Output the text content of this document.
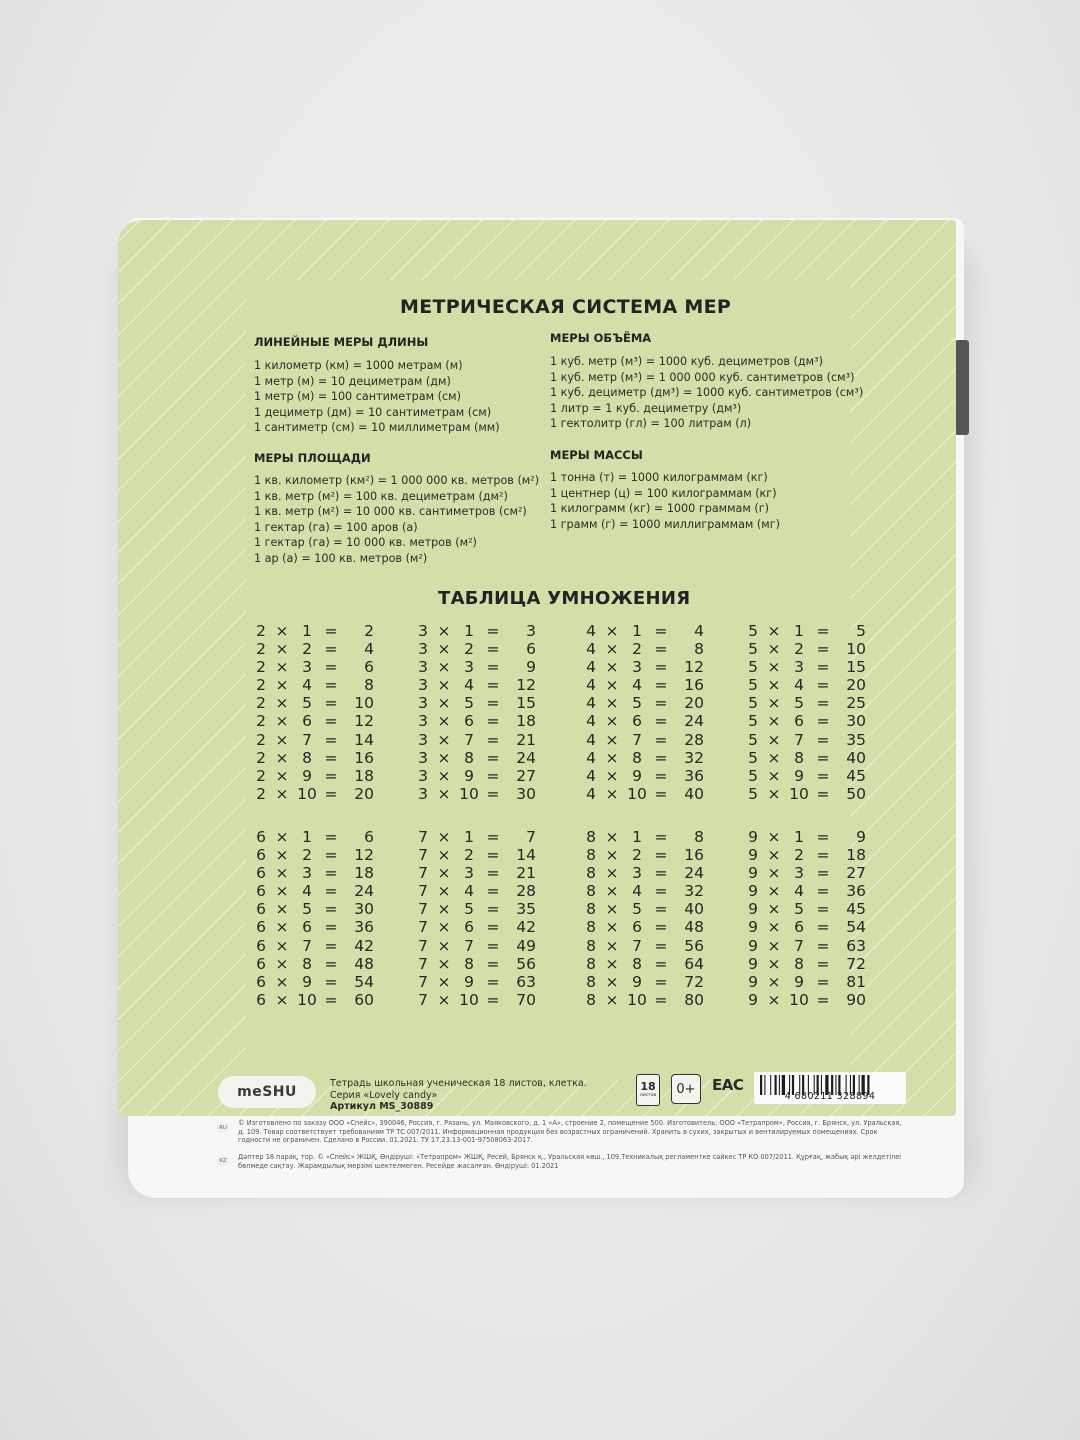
МЕТРИЧЕСКАЯ СИСТЕМА МЕР
ЛИНЕЙНЫЕ МЕРЫ ДЛИНЫ
1 километр (км) = 1000 метрам (м)
1 метр (м) = 10 дециметрам (дм)
1 метр (м) = 100 сантиметрам (см)
1 дециметр (дм) = 10 сантиметрам (см)
1 сантиметр (см) = 10 миллиметрам (мм)
МЕРЫ ОБЪЁМА
1 куб. метр (м³) = 1000 куб. дециметров (дм³)
1 куб. метр (м³) = 1 000 000 куб. сантиметров (см³)
1 куб. дециметр (дм³) = 1000 куб. сантиметров (см³)
1 литр = 1 куб. дециметру (дм³)
1 гектолитр (гл) = 100 литрам (л)
МЕРЫ ПЛОЩАДИ
1 кв. километр (км²) = 1 000 000 кв. метров (м²)
1 кв. метр (м²) = 100 кв. дециметрам (дм²)
1 кв. метр (м²) = 10 000 кв. сантиметров (см²)
1 гектар (га) = 100 аров (а)
1 гектар (га) = 10 000 кв. метров (м²)
1 ар (а) = 100 кв. метров (м²)
МЕРЫ МАССЫ
1 тонна (т) = 1000 килограммам (кг)
1 центнер (ц) = 100 килограммам (кг)
1 килограмм (кг) = 1000 граммам (г)
1 грамм (г) = 1000 миллиграммам (мг)
ТАБЛИЦА УМНОЖЕНИЯ
2 × 1 =	2
2 × 2 =	4
2 × 3 =	6
2 × 4 =	8
2 × 5 =	10
2 × 6 =	12
2 × 7 =	14
2 × 8 =	16
2 × 9 =	18
2 × 10 =	20
3 × 1 =	3
3 × 2 =	6
3 × 3 =	9
3 × 4 =	12
3 × 5 =	15
3 × 6 =	18
3 × 7 =	21
3 × 8 =	24
3 × 9 =	27
3 × 10 =	30
4 × 1 =	4
4 × 2 =	8
4 × 3 =	12
4 × 4 =	16
4 × 5 =	20
4 × 6 =	24
4 × 7 =	28
4 × 8 =	32
4 × 9 =	36
4 × 10 =	40
5 × 1 =	5
5 × 2 =	10
5 × 3 =	15
5 × 4 =	20
5 × 5 =	25
5 × 6 =	30
5 × 7 =	35
5 × 8 =	40
5 × 9 =	45
5 × 10 =	50
6 × 1 =	6
6 × 2 =	12
6 × 3 =	18
6 × 4 =	24
6 × 5 =	30
6 × 6 =	36
6 × 7 =	42
6 × 8 =	48
6 × 9 =	54
6 × 10 =	60
7 × 1 =	7
7 × 2 =	14
7 × 3 =	21
7 × 4 =	28
7 × 5 =	35
7 × 6 =	42
7 × 7 =	49
7 × 8 =	56
7 × 9 =	63
7 × 10 =	70
8 × 1 =	8
8 × 2 =	16
8 × 3 =	24
8 × 4 =	32
8 × 5 =	40
8 × 6 =	48
8 × 7 =	56
8 × 8 =	64
8 × 9 =	72
8 × 10 =	80
9 × 1 =	9
9 × 2 =	18
9 × 3 =	27
9 × 4 =	36
9 × 5 =	45
9 × 6 =	54
9 × 7 =	63
9 × 8 =	72
9 × 9 =	81
9 × 10 =	90
meSHU
Тетрадь школьная ученическая 18 листов, клетка.
Серия «Lovely candy»
Артикул MS_30889
18
листов 0+ EAC
4 680211 328894
RU
© Изготовлено по заказу ООО «Спейс», 390046, Россия, г. Рязань, ул. Маяковского, д. 1 «А», строение 2, помещение 500. Изготовитель: ООО «Тетрапром», Россия, г. Брянск, ул. Уральская,
д. 109. Товар соответствует требованиям ТР ТС 007/2011. Информационная продукция без возрастных ограничений. Хранить в сухих, закрытых и вентилируемых помещениях. Срок
годности не ограничен. Сделано в России. 01.2021. ТУ 17.23.13-001-97508063-2017.
KZ Дәптер 18 парақ, тор. © «Спейс» ЖШҚ, Өндіруші: «Тетрапром» ЖШҚ, Ресей, Брянск қ., Уральская көш., 109.Техникалық регламентке сәйкес ТР КО 007/2011. Құрғақ, жабық әрі желдетілеі
бөлмеде сақтау. Жарамдылық мерзімі шектелмеген. Ресейде жасалған. Өндіруші: 01.2021
